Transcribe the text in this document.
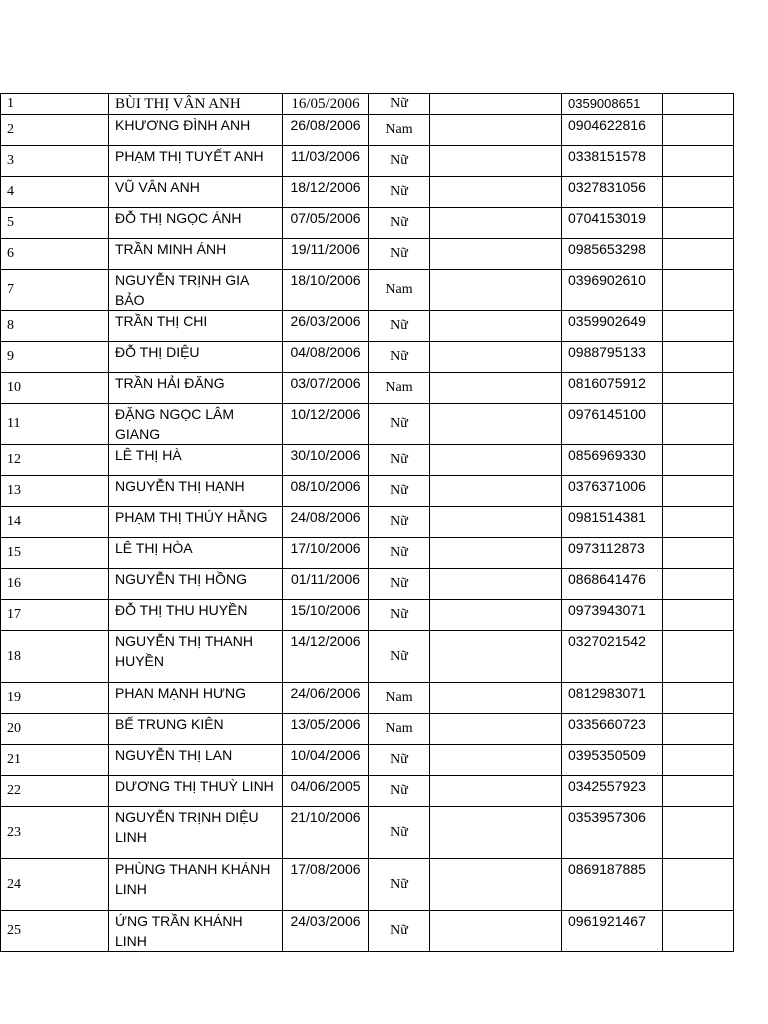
1	BÙI THỊ VÂN ANH	16/05/2006	Nữ		0359008651	
2	KHƯƠNG ĐÌNH ANH	26/08/2006	Nam		0904622816	
3	PHẠM THỊ TUYẾT ANH	11/03/2006	Nữ		0338151578	
4	VŨ VÂN ANH	18/12/2006	Nữ		0327831056	
5	ĐỖ THỊ NGỌC ÁNH	07/05/2006	Nữ		0704153019	
6	TRẦN MINH ÁNH	19/11/2006	Nữ		0985653298	
7	NGUYỄN TRỊNH GIA BẢO	18/10/2006	Nam		0396902610	
8	TRẦN THỊ CHI	26/03/2006	Nữ		0359902649	
9	ĐỖ THỊ DIỆU	04/08/2006	Nữ		0988795133	
10	TRẦN HẢI ĐĂNG	03/07/2006	Nam		0816075912	
11	ĐẶNG NGỌC LÂM GIANG	10/12/2006	Nữ		0976145100	
12	LÊ THỊ HÀ	30/10/2006	Nữ		0856969330	
13	NGUYỄN THỊ HẠNH	08/10/2006	Nữ		0376371006	
14	PHẠM THỊ THÚY HẰNG	24/08/2006	Nữ		0981514381	
15	LÊ THỊ HÒA	17/10/2006	Nữ		0973112873	
16	NGUYỄN THỊ HỒNG	01/11/2006	Nữ		0868641476	
17	ĐỖ THỊ THU HUYỀN	15/10/2006	Nữ		0973943071	
18	NGUYỄN THỊ THANH HUYỀN	14/12/2006	Nữ		0327021542	
19	PHAN MẠNH HƯNG	24/06/2006	Nam		0812983071	
20	BẾ TRUNG KIÊN	13/05/2006	Nam		0335660723	
21	NGUYỄN THỊ LAN	10/04/2006	Nữ		0395350509	
22	DƯƠNG THỊ THUỲ LINH	04/06/2005	Nữ		0342557923	
23	NGUYỄN TRỊNH DIỆU LINH	21/10/2006	Nữ		0353957306	
24	PHÙNG THANH KHÁNH LINH	17/08/2006	Nữ		0869187885	
25	ỨNG TRẦN KHÁNH LINH	24/03/2006	Nữ		0961921467	
